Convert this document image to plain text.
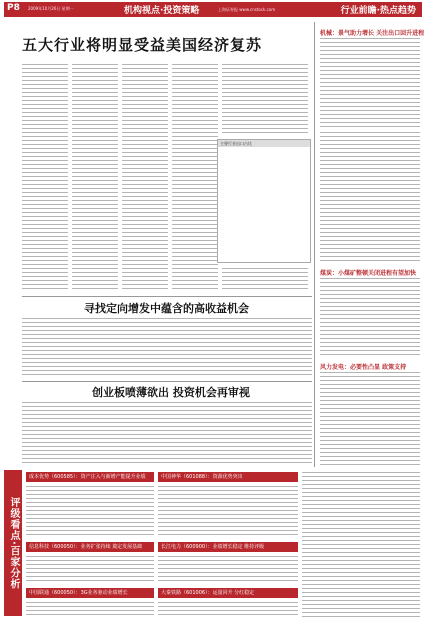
P8 2009年10月26日 星期一	机构视点·投资策略	上海证券报 www.cnstock.com	行业前瞻·热点趋势
五大行业将明显受益美国经济复苏
主要行业出口占比
机械：景气助力增长 关注出口回升进程
煤炭：小煤矿整顿关闭进程有望加快
风力发电：必要性凸显 政策支持
寻找定向增发中蕴含的高收益机会
创业板喷薄欲出 投资机会再审视
评级看点·百家分析
成本优势（600585）：资产注入与新增产能提升业绩	中国神华（601088）：资源优势突出
信息科技（600050）：业务扩张持续 奠定发展基础	长江电力（600900）：业绩增长稳定 维持评级
中国联通（600050）：3G业务驱动业绩增长	大秦铁路（601006）：运量回升 分红稳定
